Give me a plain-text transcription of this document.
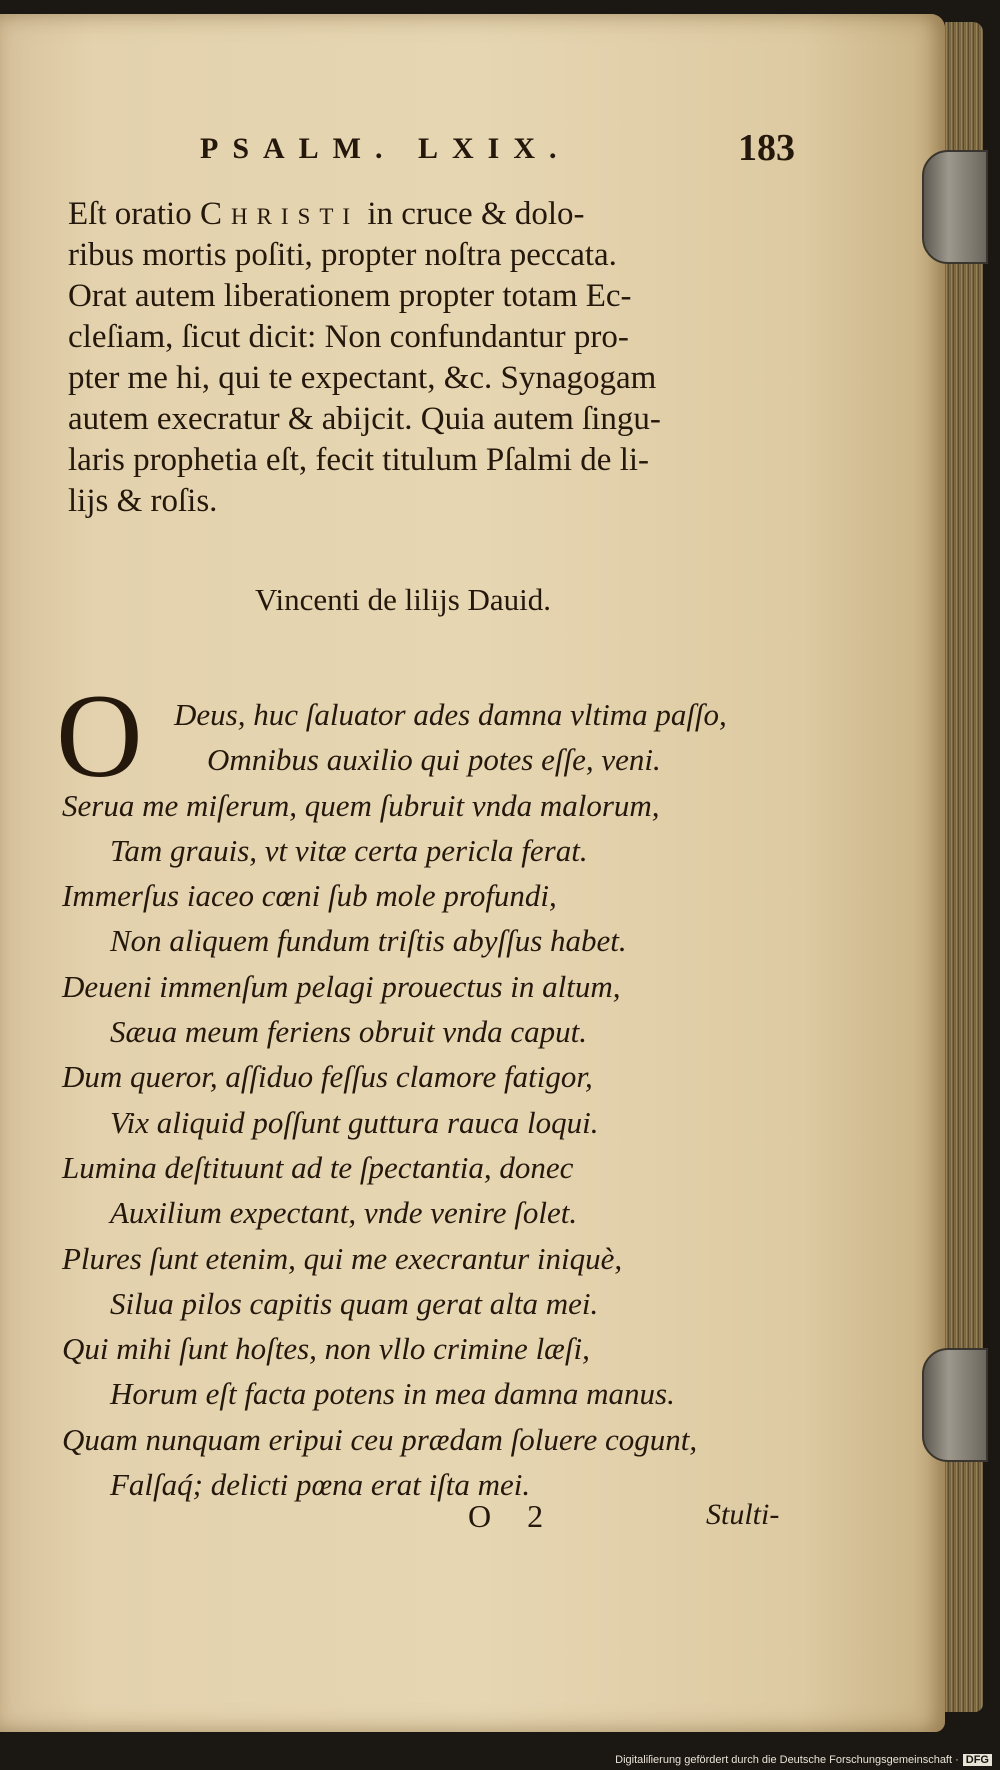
PSALM. LXIX.	183
Eſt oratio Christi in cruce & dolo-
ribus mortis poſiti, propter noſtra peccata.
Orat autem liberationem propter totam Ec-
cleſiam, ſicut dicit: Non confundantur pro-
pter me hi, qui te expectant, &c. Synagogam
autem execratur & abijcit. Quia autem ſingu-
laris prophetia eſt, fecit titulum Pſalmi de li-
lijs & roſis.
Vincenti de lilijs Dauid.
O	Deus, huc ſaluator ades damna vltima paſſo,
Omnibus auxilio qui potes eſſe, veni.
Serua me miſerum, quem ſubruit vnda malorum,
Tam grauis, vt vitæ certa pericla ferat.
Immerſus iaceo cœni ſub mole profundi,
Non aliquem fundum triſtis abyſſus habet.
Deueni immenſum pelagi prouectus in altum,
Sæua meum feriens obruit vnda caput.
Dum queror, aſſiduo feſſus clamore fatigor,
Vix aliquid poſſunt guttura rauca loqui.
Lumina deſtituunt ad te ſpectantia, donec
Auxilium expectant, vnde venire ſolet.
Plures ſunt etenim, qui me execrantur iniquè,
Silua pilos capitis quam gerat alta mei.
Qui mihi ſunt hoſtes, non vllo crimine læſi,
Horum eſt facta potens in mea damna manus.
Quam nunquam eripui ceu prædam ſoluere cogunt,
Falſaq́; delicti pœna erat iſta mei.
O 2	Stulti-
Digitaliſierung gefördert durch die Deutsche Forschungsgemeinschaft · DFG
